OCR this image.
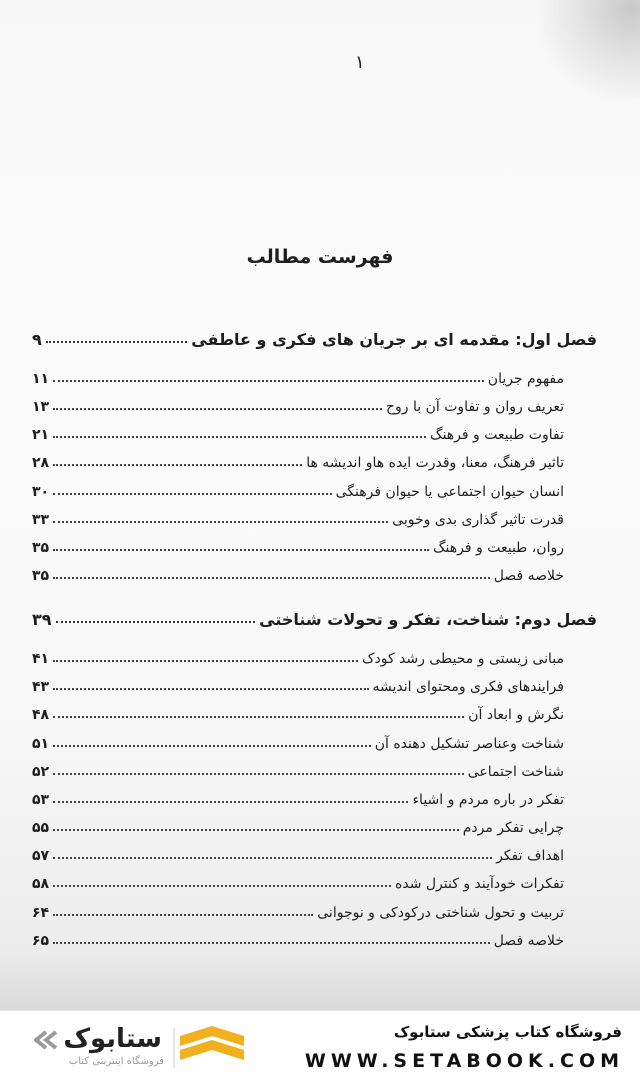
۱
فهرست مطالب
فصل اول: مقدمه ای بر جریان های فکری و عاطفی
۹
مفهوم جریان
۱۱
تعریف روان و تفاوت آن با روح
۱۳
تفاوت طبیعت و فرهنگ
۲۱
تاثیر فرهنگ، معنا، وقدرت ایده هاو اندیشه ها
۲۸
انسان حیوان اجتماعی یا حیوان فرهنگی
۳۰
قدرت تاثیر گذاری بدی وخوبی
۳۳
روان، طبیعت و فرهنگ
۳۵
خلاصه فصل
۳۵
فصل دوم: شناخت، تفکر و تحولات شناختی
۳۹
مبانی زیستی و محیطی رشد کودک
۴۱
فرایندهای فکری ومحتوای اندیشه
۴۳
نگرش و ابعاد آن
۴۸
شناخت وعناصر تشکیل دهنده آن
۵۱
شناخت اجتماعی
۵۲
تفکر در باره مردم و اشیاء
۵۳
چرایی تفکر مردم
۵۵
اهداف تفکر
۵۷
تفکرات خودآیند و کنترل شده
۵۸
تربیت و تحول شناختی درکودکی و نوجوانی
۶۴
خلاصه فصل
۶۵
ستابوک
فروشگاه اینترنتی کتاب
فروشگاه کتاب پزشکی ستابوک
WWW.SETABOOK.COM
